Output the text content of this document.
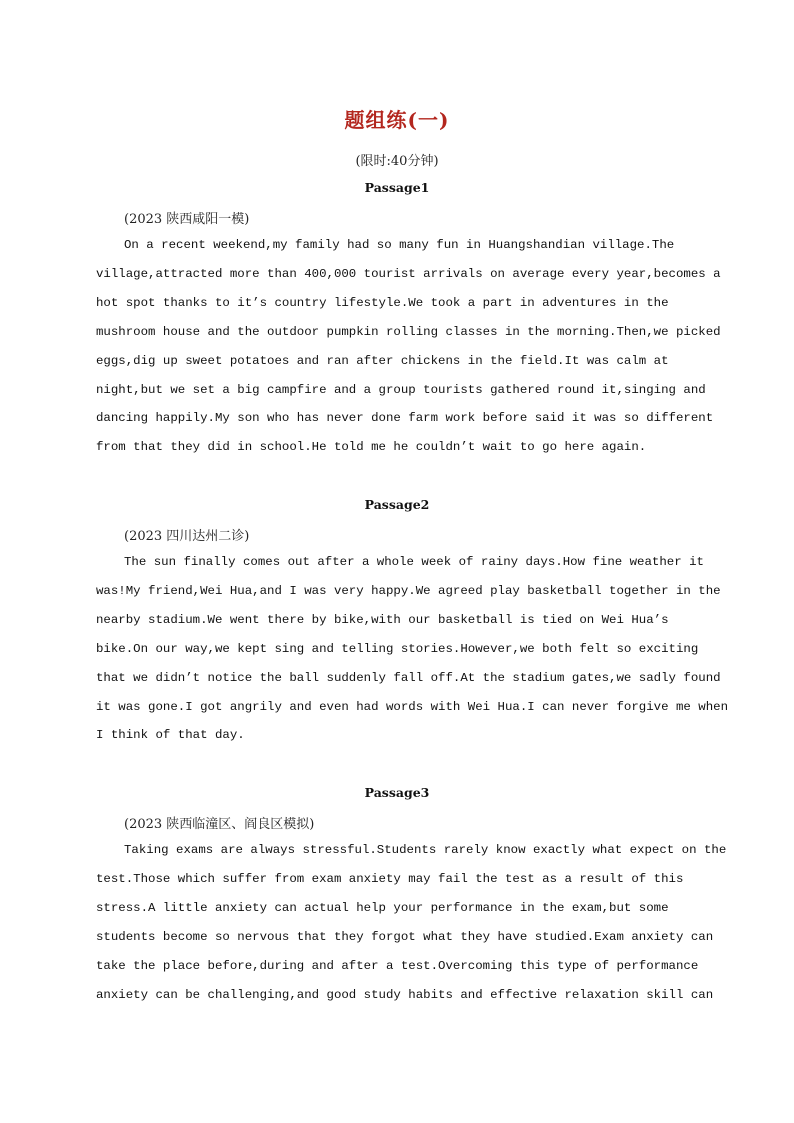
题组练(一)
(限时:40分钟)
Passage1
(2023 陕西咸阳一模)
On a recent weekend,my family had so many fun in Huangshandian village.The
village,attracted more than 400,000 tourist arrivals on average every year,becomes a
hot spot thanks to it’s country lifestyle.We took a part in adventures in the
mushroom house and the outdoor pumpkin rolling classes in the morning.Then,we picked
eggs,dig up sweet potatoes and ran after chickens in the field.It was calm at
night,but we set a big campfire and a group tourists gathered round it,singing and
dancing happily.My son who has never done farm work before said it was so different
from that they did in school.He told me he couldn’t wait to go here again.
Passage2
(2023 四川达州二诊)
The sun finally comes out after a whole week of rainy days.How fine weather it
was!My friend,Wei Hua,and I was very happy.We agreed play basketball together in the
nearby stadium.We went there by bike,with our basketball is tied on Wei Hua’s
bike.On our way,we kept sing and telling stories.However,we both felt so exciting
that we didn’t notice the ball suddenly fall off.At the stadium gates,we sadly found
it was gone.I got angrily and even had words with Wei Hua.I can never forgive me when
I think of that day.
Passage3
(2023 陕西临潼区、阎良区模拟)
Taking exams are always stressful.Students rarely know exactly what expect on the
test.Those which suffer from exam anxiety may fail the test as a result of this
stress.A little anxiety can actual help your performance in the exam,but some
students become so nervous that they forgot what they have studied.Exam anxiety can
take the place before,during and after a test.Overcoming this type of performance
anxiety can be challenging,and good study habits and effective relaxation skill can
